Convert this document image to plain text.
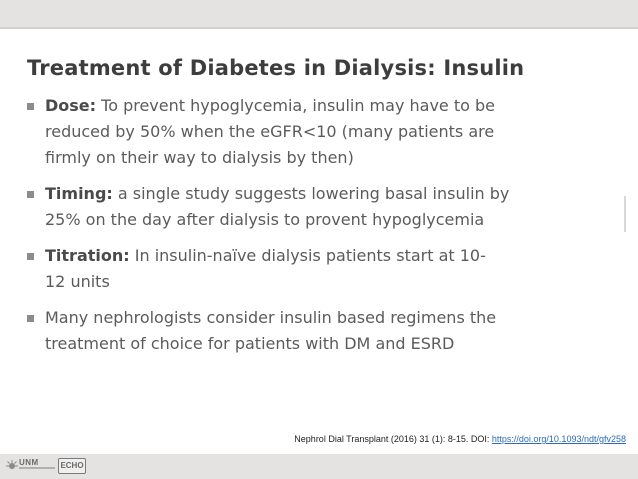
Treatment of Diabetes in Dialysis: Insulin
Dose: To prevent hypoglycemia, insulin may have to be
reduced by 50% when the eGFR<10 (many patients are
firmly on their way to dialysis by then)
Timing: a single study suggests lowering basal insulin by
25% on the day after dialysis to provent hypoglycemia
Titration: In insulin-naïve dialysis patients start at 10-
12 units
Many nephrologists consider insulin based regimens the
treatment of choice for patients with DM and ESRD
Nephrol Dial Transplant (2016) 31 (1): 8-15. DOI: https://doi.org/10.1093/ndt/gfv258
UNM	ECHO
